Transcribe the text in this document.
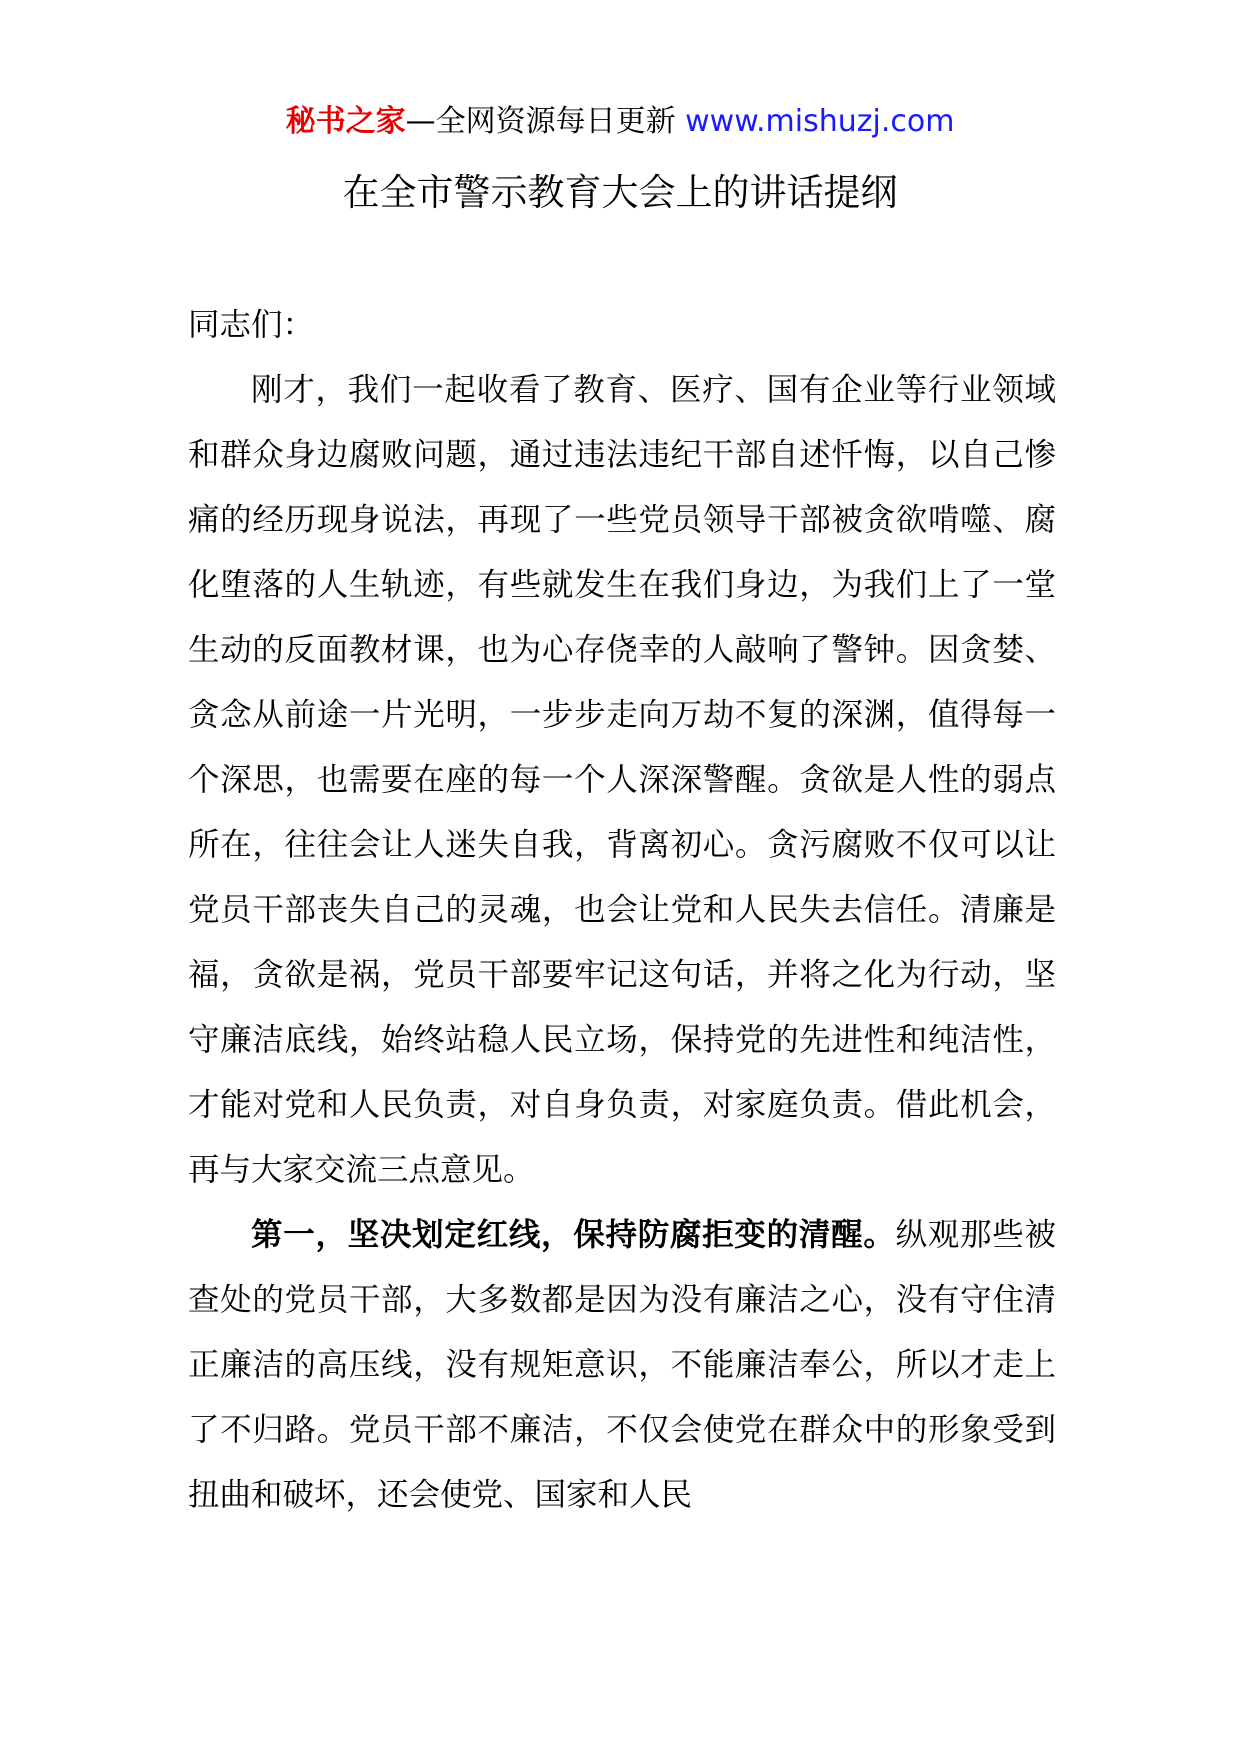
秘书之家—全网资源每日更新 www.mishuzj.com
在全市警示教育大会上的讲话提纲

同志们：

刚才，我们一起收看了教育、医疗、国有企业等行业领域和群众身边腐败问题，通过违法违纪干部自述忏悔，以自己惨痛的经历现身说法，再现了一些党员领导干部被贪欲啃噬、腐化堕落的人生轨迹，有些就发生在我们身边，为我们上了一堂生动的反面教材课，也为心存侥幸的人敲响了警钟。因贪婪、贪念从前途一片光明，一步步走向万劫不复的深渊，值得每一个深思，也需要在座的每一个人深深警醒。贪欲是人性的弱点所在，往往会让人迷失自我，背离初心。贪污腐败不仅可以让党员干部丧失自己的灵魂，也会让党和人民失去信任。清廉是福，贪欲是祸，党员干部要牢记这句话，并将之化为行动，坚守廉洁底线，始终站稳人民立场，保持党的先进性和纯洁性，才能对党和人民负责，对自身负责，对家庭负责。借此机会，再与大家交流三点意见。

第一，坚决划定红线，保持防腐拒变的清醒。纵观那些被查处的党员干部，大多数都是因为没有廉洁之心，没有守住清正廉洁的高压线，没有规矩意识，不能廉洁奉公，所以才走上了不归路。党员干部不廉洁，不仅会使党在群众中的形象受到扭曲和破坏，还会使党、国家和人民
